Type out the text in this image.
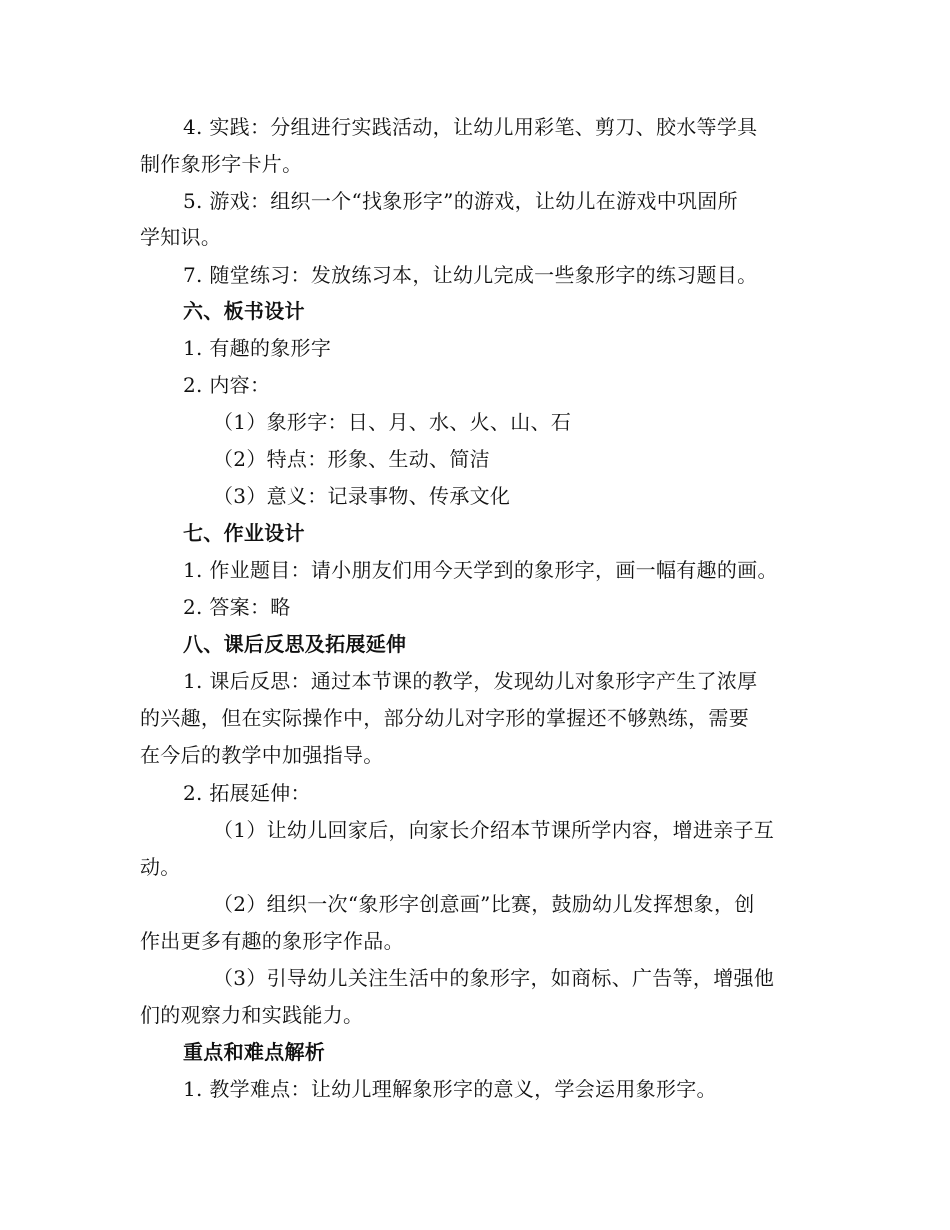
4. 实践：分组进行实践活动，让幼儿用彩笔、剪刀、胶水等学具
制作象形字卡片。
5. 游戏：组织一个“找象形字”的游戏，让幼儿在游戏中巩固所
学知识。
7. 随堂练习：发放练习本，让幼儿完成一些象形字的练习题目。
六、板书设计
1. 有趣的象形字
2. 内容：
（1）象形字：日、月、水、火、山、石
（2）特点：形象、生动、简洁
（3）意义：记录事物、传承文化
七、作业设计
1. 作业题目：请小朋友们用今天学到的象形字，画一幅有趣的画。
2. 答案：略
八、课后反思及拓展延伸
1. 课后反思：通过本节课的教学，发现幼儿对象形字产生了浓厚
的兴趣，但在实际操作中，部分幼儿对字形的掌握还不够熟练，需要
在今后的教学中加强指导。
2. 拓展延伸：
（1）让幼儿回家后，向家长介绍本节课所学内容，增进亲子互
动。
（2）组织一次“象形字创意画”比赛，鼓励幼儿发挥想象，创
作出更多有趣的象形字作品。
（3）引导幼儿关注生活中的象形字，如商标、广告等，增强他
们的观察力和实践能力。
重点和难点解析
1. 教学难点：让幼儿理解象形字的意义，学会运用象形字。
